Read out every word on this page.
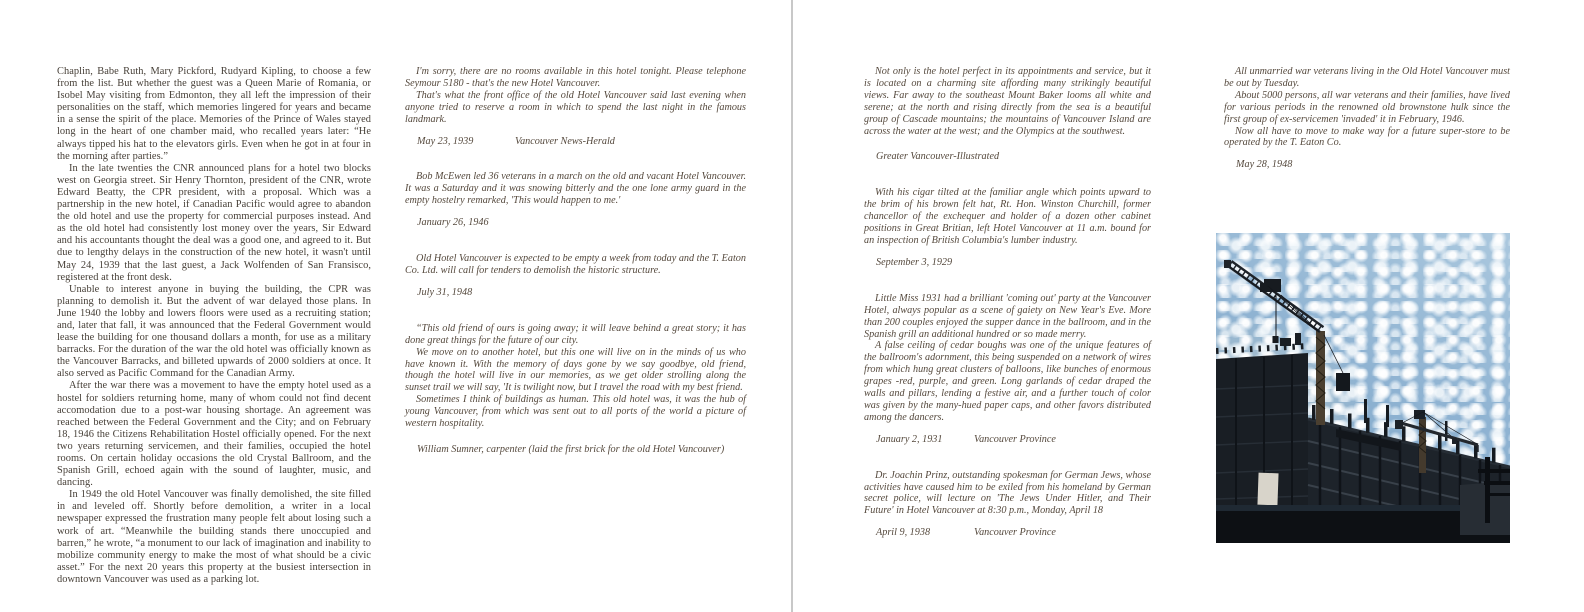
Chaplin, Babe Ruth, Mary Pickford, Rudyard Kipling, to choose a few from the list. But whether the guest was a Queen Marie of Romania, or Isobel May visiting from Edmonton, they all left the impression of their personalities on the staff, which memories lingered for years and became in a sense the spirit of the place. Memories of the Prince of Wales stayed long in the heart of one chamber maid, who recalled years later: “He always tipped his hat to the elevators girls. Even when he got in at four in the morning after parties.”

In the late twenties the CNR announced plans for a hotel two blocks west on Georgia street. Sir Henry Thornton, president of the CNR, wrote Edward Beatty, the CPR president, with a proposal. Which was a partnership in the new hotel, if Canadian Pacific would agree to abandon the old hotel and use the property for commercial purposes instead. And as the old hotel had consistently lost money over the years, Sir Edward and his accountants thought the deal was a good one, and agreed to it. But due to lengthy delays in the construction of the new hotel, it wasn't until May 24, 1939 that the last guest, a Jack Wolfenden of San Fransisco, registered at the front desk.

Unable to interest anyone in buying the building, the CPR was planning to demolish it. But the advent of war delayed those plans. In June 1940 the lobby and lowers floors were used as a recruiting station; and, later that fall, it was announced that the Federal Government would lease the building for one thousand dollars a month, for use as a military barracks. For the duration of the war the old hotel was officially known as the Vancouver Barracks, and billeted upwards of 2000 soldiers at once. It also served as Pacific Command for the Canadian Army.

After the war there was a movement to have the empty hotel used as a hostel for soldiers returning home, many of whom could not find decent accomodation due to a post-war housing shortage. An agreement was reached between the Federal Government and the City; and on February 18, 1946 the Citizens Rehabilitation Hostel officially opened. For the next two years returning servicemen, and their families, occupied the hotel rooms. On certain holiday occasions the old Crystal Ballroom, and the Spanish Grill, echoed again with the sound of laughter, music, and dancing.

In 1949 the old Hotel Vancouver was finally demolished, the site filled in and leveled off. Shortly before demolition, a writer in a local newspaper expressed the frustration many people felt about losing such a work of art. “Meanwhile the building stands there unoccupied and barren,” he wrote, “a monument to our lack of imagination and inability to mobilize community energy to make the most of what should be a civic asset.” For the next 20 years this property at the busiest intersection in downtown Vancouver was used as a parking lot.

I'm sorry, there are no rooms available in this hotel tonight. Please telephone Seymour 5180 - that's the new Hotel Vancouver.

That's what the front office of the old Hotel Vancouver said last evening when anyone tried to reserve a room in which to spend the last night in the famous landmark.

May 23, 1939	Vancouver News-Herald

Bob McEwen led 36 veterans in a march on the old and vacant Hotel Vancouver. It was a Saturday and it was snowing bitterly and the one lone army guard in the empty hostelry remarked, 'This would happen to me.'

January 26, 1946

Old Hotel Vancouver is expected to be empty a week from today and the T. Eaton Co. Ltd. will call for tenders to demolish the historic structure.

July 31, 1948

“This old friend of ours is going away; it will leave behind a great story; it has done great things for the future of our city.

We move on to another hotel, but this one will live on in the minds of us who have known it. With the memory of days gone by we say goodbye, old friend, though the hotel will live in our memories, as we get older strolling along the sunset trail we will say, 'It is twilight now, but I travel the road with my best friend.

Sometimes I think of buildings as human. This old hotel was, it was the hub of young Vancouver, from which was sent out to all ports of the world a picture of western hospitality.

William Sumner, carpenter (laid the first brick for the old Hotel Vancouver)

Not only is the hotel perfect in its appointments and service, but it is located on a charming site affording many strikingly beautiful views. Far away to the southeast Mount Baker looms all white and serene; at the north and rising directly from the sea is a beautiful group of Cascade mountains; the mountains of Vancouver Island are across the water at the west; and the Olympics at the southwest.

Greater Vancouver-Illustrated

With his cigar tilted at the familiar angle which points upward to the brim of his brown felt hat, Rt. Hon. Winston Churchill, former chancellor of the exchequer and holder of a dozen other cabinet positions in Great Britian, left Hotel Vancouver at 11 a.m. bound for an inspection of British Columbia's lumber industry.

September 3, 1929

Little Miss 1931 had a brilliant 'coming out' party at the Vancouver Hotel, always popular as a scene of gaiety on New Year's Eve. More than 200 couples enjoyed the supper dance in the ballroom, and in the Spanish grill an additional hundred or so made merry.

A false ceiling of cedar boughs was one of the unique features of the ballroom's adornment, this being suspended on a network of wires from which hung great clusters of balloons, like bunches of enormous grapes -red, purple, and green. Long garlands of cedar draped the walls and pillars, lending a festive air, and a further touch of color was given by the many-hued paper caps, and other favors distributed among the dancers.

January 2, 1931	Vancouver Province

Dr. Joachin Prinz, outstanding spokesman for German Jews, whose activities have caused him to be exiled from his homeland by German secret police, will lecture on 'The Jews Under Hitler, and Their Future' in Hotel Vancouver at 8:30 p.m., Monday, April 18

April 9, 1938	Vancouver Province

All unmarried war veterans living in the Old Hotel Vancouver must be out by Tuesday.

About 5000 persons, all war veterans and their families, have lived for various periods in the renowned old brownstone hulk since the first group of ex-servicemen 'invaded' it in February, 1946.

Now all have to move to make way for a future super-store to be operated by the T. Eaton Co.

May 28, 1948
